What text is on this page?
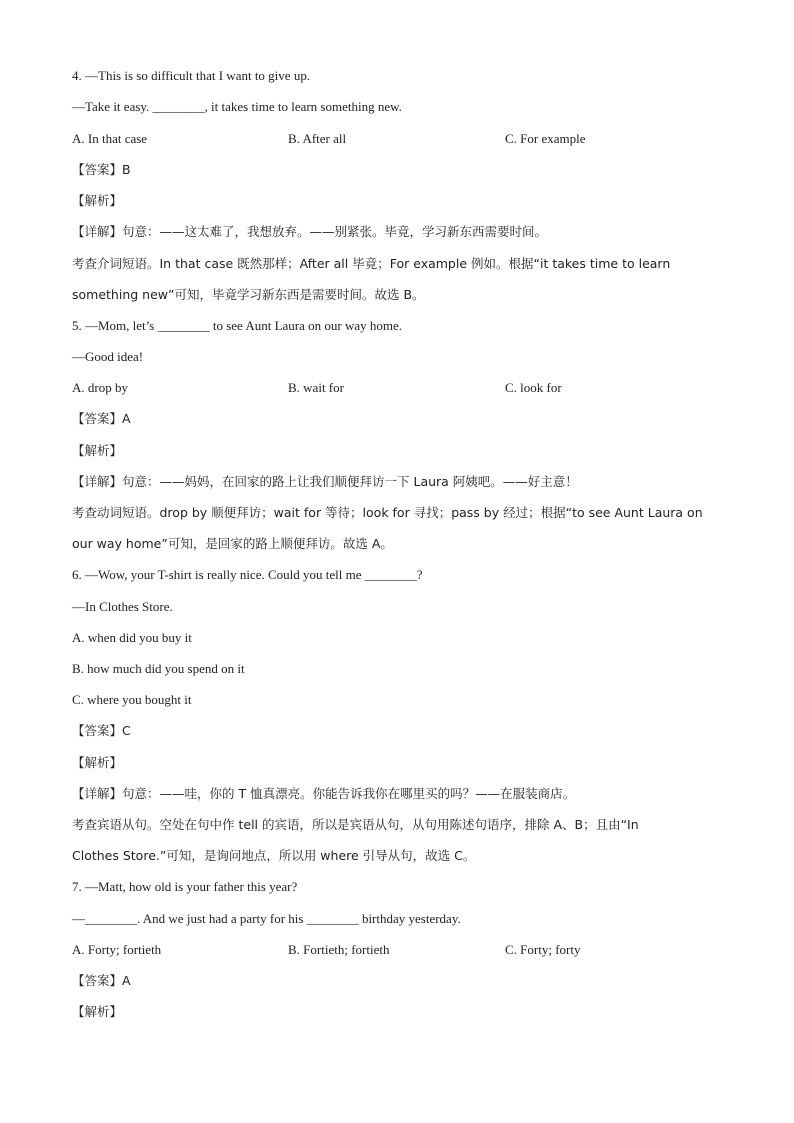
4. —This is so difficult that I want to give up.
—Take it easy. ________, it takes time to learn something new.
A. In that case	B. After all	C. For example
【答案】B
【解析】
【详解】句意：——这太难了，我想放弃。——别紧张。毕竟，学习新东西需要时间。
考查介词短语。In that case 既然那样；After all 毕竟；For example 例如。根据“it takes time to learn
something new”可知，毕竟学习新东西是需要时间。故选 B。
5. —Mom, let’s ________ to see Aunt Laura on our way home.
—Good idea!
A. drop by	B. wait for	C. look for
【答案】A
【解析】
【详解】句意：——妈妈，在回家的路上让我们顺便拜访一下 Laura 阿姨吧。——好主意！
考查动词短语。drop by 顺便拜访；wait for 等待；look for 寻找；pass by 经过；根据“to see Aunt Laura on
our way home”可知，是回家的路上顺便拜访。故选 A。
6. —Wow, your T-shirt is really nice. Could you tell me ________?
—In Clothes Store.
A. when did you buy it
B. how much did you spend on it
C. where you bought it
【答案】C
【解析】
【详解】句意：——哇，你的 T 恤真漂亮。你能告诉我你在哪里买的吗？——在服装商店。
考查宾语从句。空处在句中作 tell 的宾语，所以是宾语从句，从句用陈述句语序，排除 A、B；且由“In
Clothes Store.”可知，是询问地点，所以用 where 引导从句，故选 C。
7. —Matt, how old is your father this year?
—________. And we just had a party for his ________ birthday yesterday.
A. Forty; fortieth	B. Fortieth; fortieth	C. Forty; forty
【答案】A
【解析】
